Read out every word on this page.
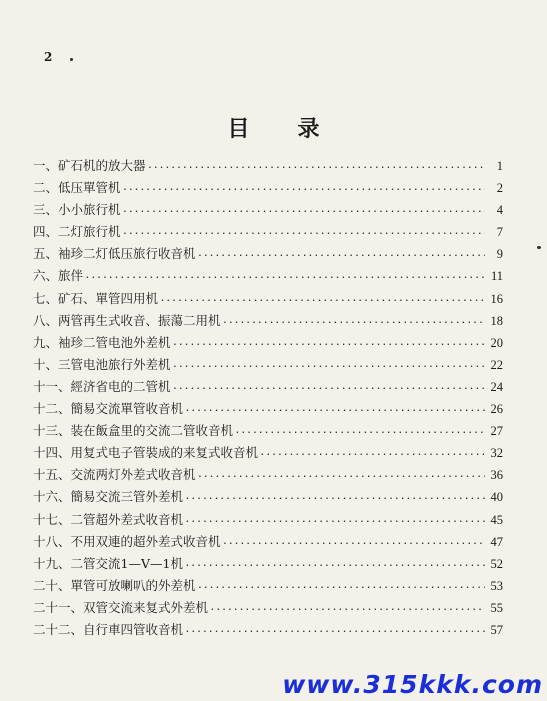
2
目录
一、 矿石机的放大器 ·····	1
二、 低压單管机 ·····	2
三、 小小旅行机 ·····	4
四、 二灯旅行机 ·····	7
五、 袖珍二灯低压旅行收音机 ·····	9
六、 旅伴 ·····	11
七、 矿石、單管四用机 ·····	16
八、 两管再生式收音、振蕩二用机 ·····	18
九、 袖珍二管电池外差机 ·····	20
十、 三管电池旅行外差机 ·····	22
十一、 經济省电的二管机 ·····	24
十二、 簡易交流單管收音机 ·····	26
十三、 装在飯盒里的交流二管收音机 ·····	27
十四、 用复式电子管裝成的来复式收音机 ·····	32
十五、 交流两灯外差式收音机 ·····	36
十六、 簡易交流三管外差机 ·····	40
十七、 二管超外差式收音机 ·····	45
十八、 不用双連的超外差式收音机 ·····	47
十九、 二管交流1—Ⅴ—1机 ·····	52
二十、 單管可放喇叭的外差机 ·····	53
二十一、 双管交流来复式外差机 ·····	55
二十二、 自行車四管收音机 ·····	57
www.315kkk.com
